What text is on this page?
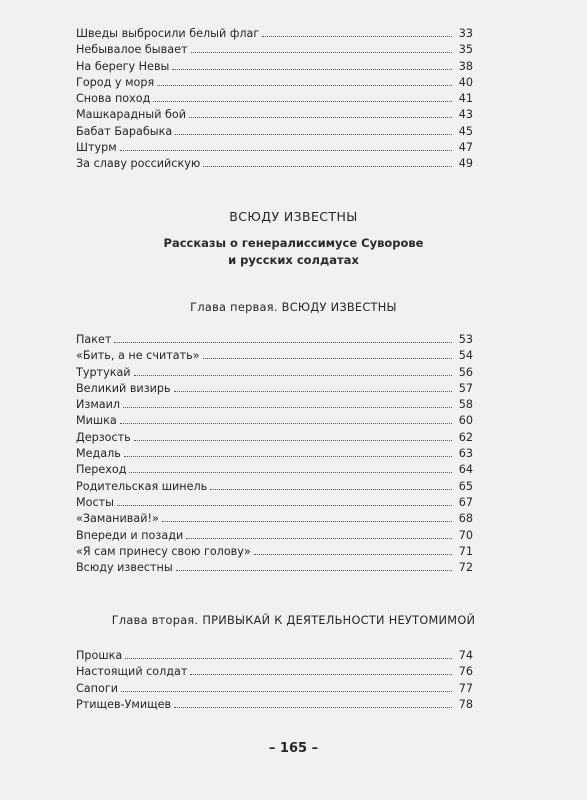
Шведы выбросили белый флаг	33
Небывалое бывает	35
На берегу Невы	38
Город у моря	40
Снова поход	41
Машкарадный бой	43
Бабат Барабыка	45
Штурм	47
За славу российскую	49
ВСЮДУ ИЗВЕСТНЫ
Рассказы о генералиссимусе Суворове
и русских солдатах
Глава первая. ВСЮДУ ИЗВЕСТНЫ
Пакет	53
«Бить, а не считать»	54
Туртукай	56
Великий визирь	57
Измаил	58
Мишка	60
Дерзость	62
Медаль	63
Переход	64
Родительская шинель	65
Мосты	67
«Заманивай!»	68
Впереди и позади	70
«Я сам принесу свою голову»	71
Всюду известны	72
Глава вторая. ПРИВЫКАЙ К ДЕЯТЕЛЬНОСТИ НЕУТОМИМОЙ
Прошка	74
Настоящий солдат	76
Сапоги	77
Ртищев-Умищев	78
– 165 –
